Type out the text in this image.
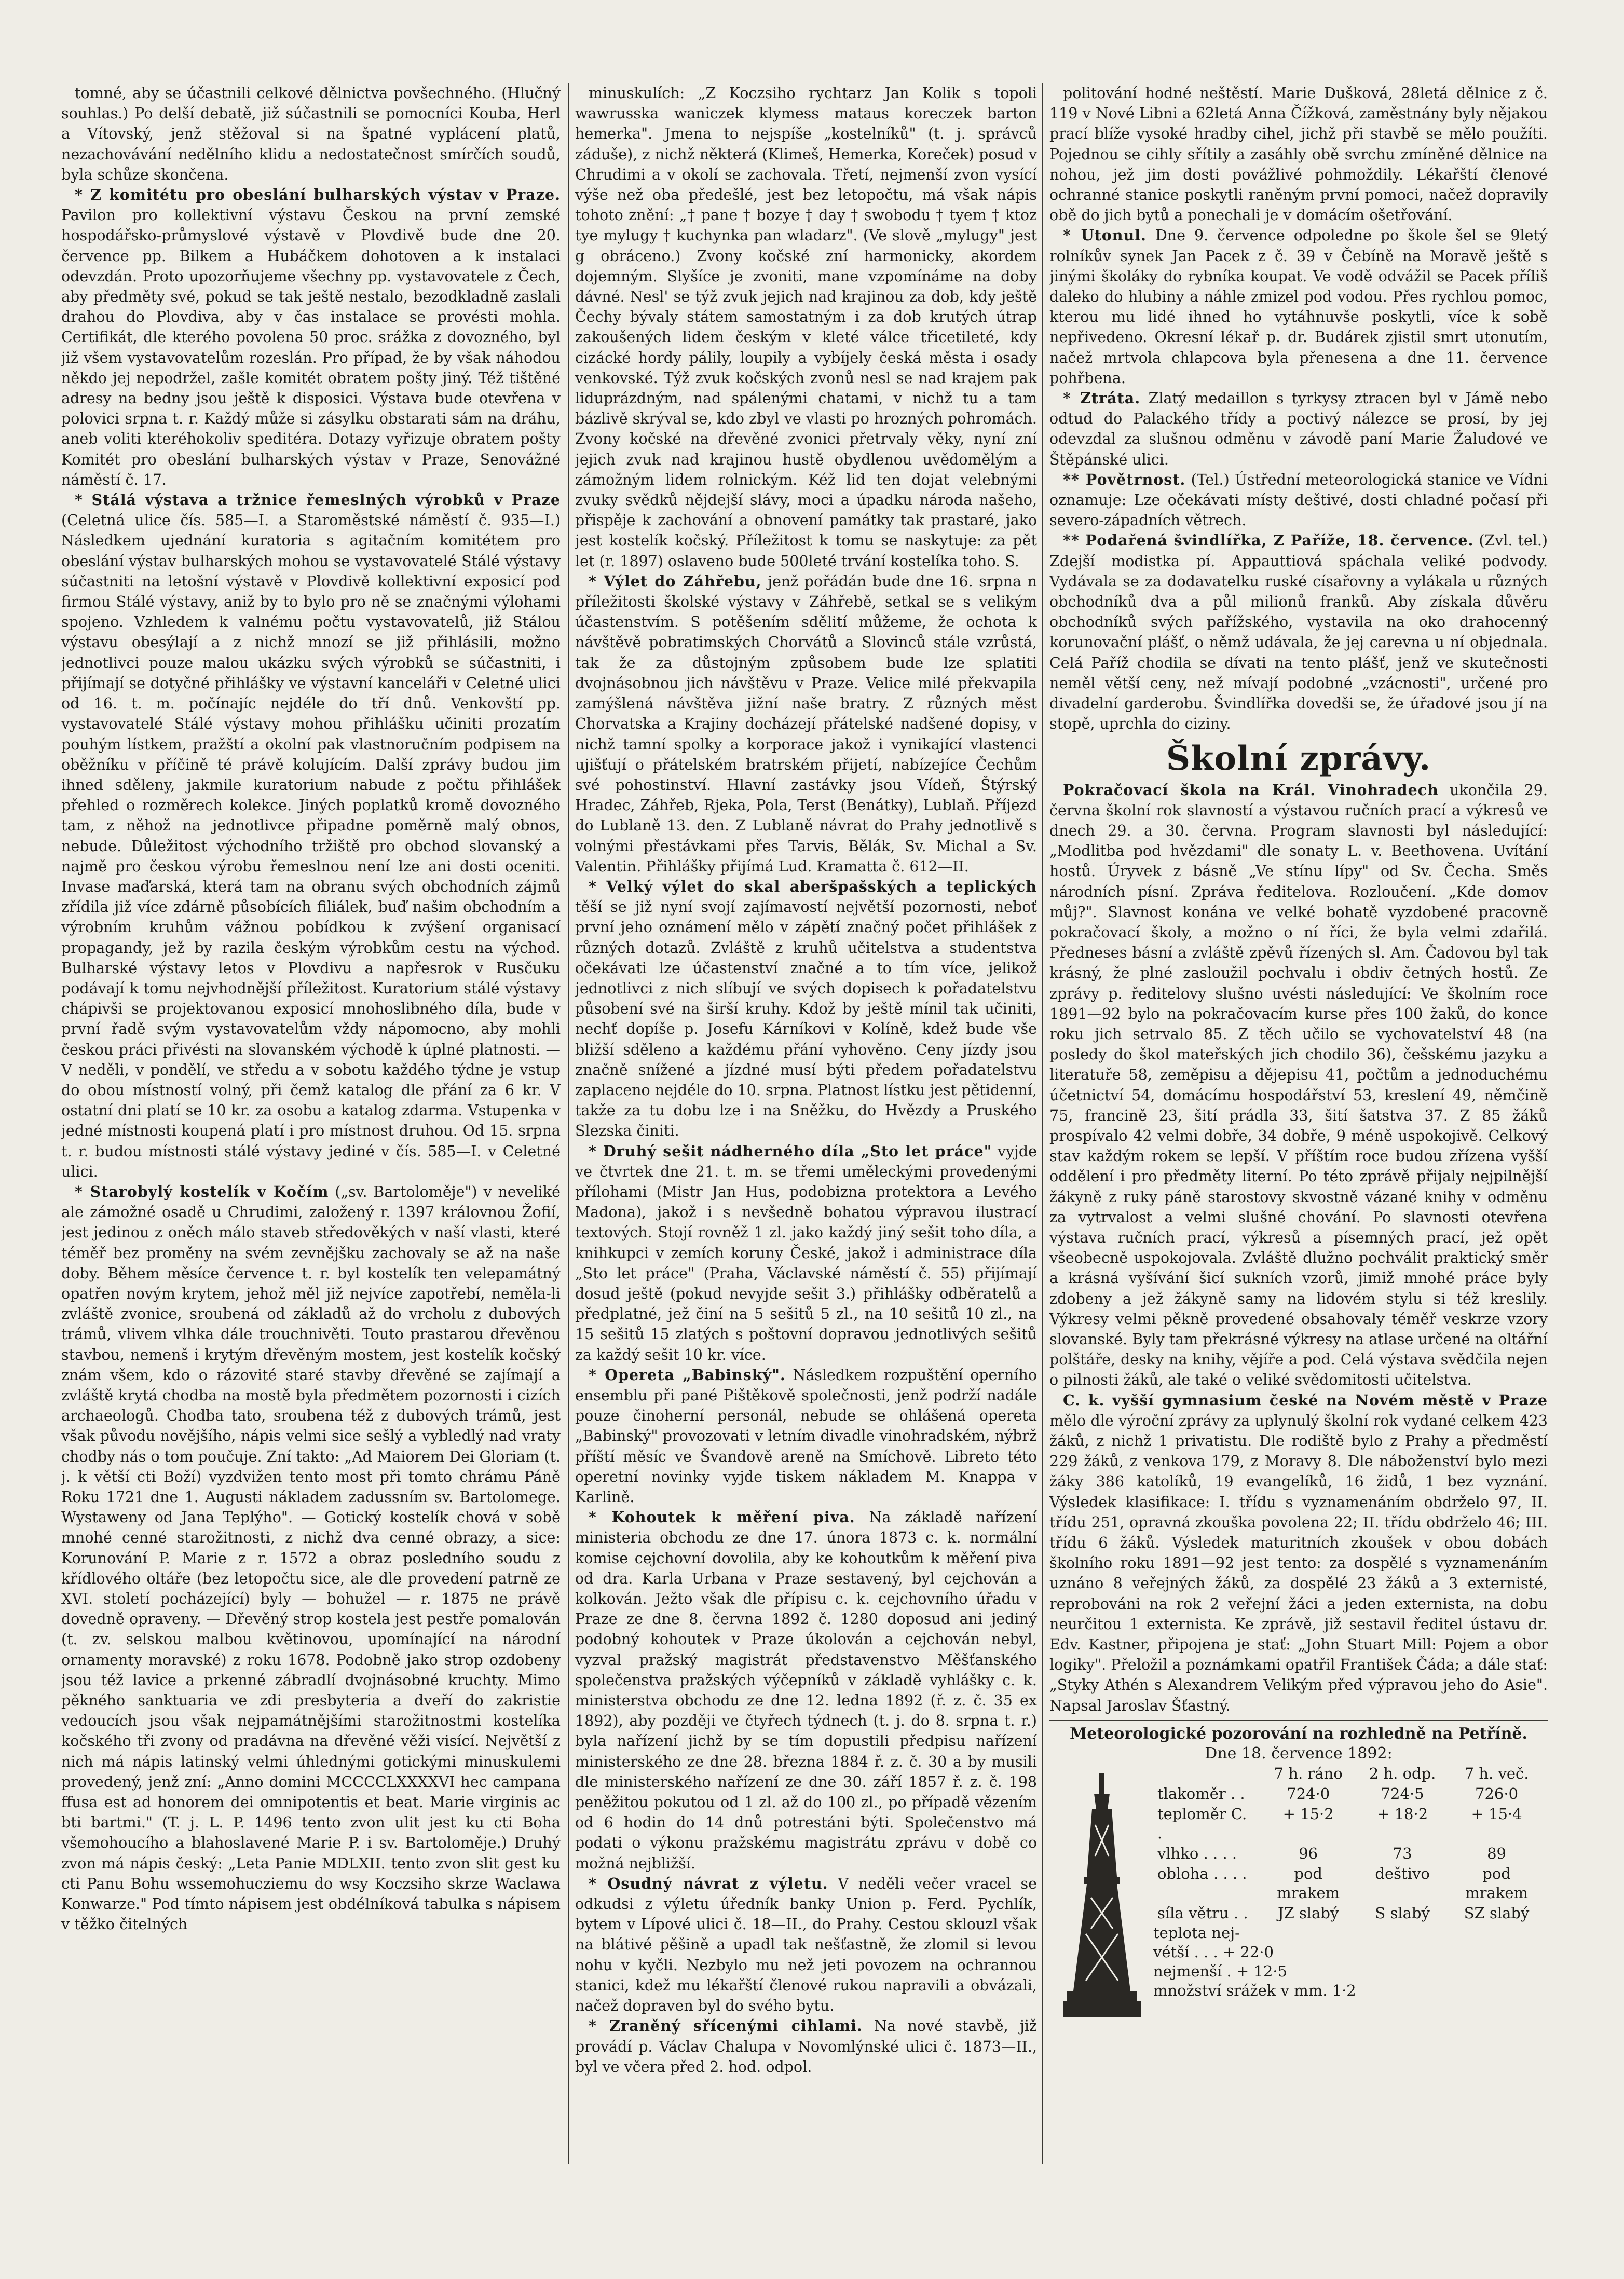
tomné, aby se účastnili celkové dělnictva povšechného. (Hlučný souhlas.) Po delší debatě, již súčastnili se pomocníci Kouba, Herl a Vítovský, jenž stěžoval si na špatné vyplácení platů, nezachovávání nedělního klidu a nedostatečnost smírčích soudů, byla schůze skončena.

* Z komitétu pro obeslání bulharských výstav v Praze. Pavilon pro kollektivní výstavu Českou na první zemské hospodářsko-průmyslové výstavě v Plovdivě bude dne 20. července pp. Bilkem a Hubáčkem dohotoven a k instalaci odevzdán. Proto upozorňujeme všechny pp. vystavovatele z Čech, aby předměty své, pokud se tak ještě nestalo, bezodkladně zaslali drahou do Plovdiva, aby v čas instalace se provésti mohla. Certifikát, dle kterého povolena 50 proc. srážka z dovozného, byl již všem vystavovatelům rozeslán. Pro případ, že by však náhodou někdo jej nepodržel, zašle komitét obratem pošty jiný. Též tištěné adresy na bedny jsou ještě k disposici. Výstava bude otevřena v polovici srpna t. r. Každý může si zásylku obstarati sám na dráhu, aneb voliti kteréhokoliv speditéra. Dotazy vyřizuje obratem pošty Komitét pro obeslání bulharských výstav v Praze, Senovážné náměstí č. 17.

* Stálá výstava a tržnice řemeslných výrobků v Praze (Celetná ulice čís. 585—I. a Staroměstské náměstí č. 935—I.) Následkem ujednání kuratoria s agitačním komitétem pro obeslání výstav bulharských mohou se vystavovatelé Stálé výstavy súčastniti na letošní výstavě v Plovdivě kollektivní exposicí pod firmou Stálé výstavy, aniž by to bylo pro ně se značnými výlohami spojeno. Vzhledem k valnému počtu vystavovatelů, již Stálou výstavu obesýlají a z nichž mnozí se již přihlásili, možno jednotlivci pouze malou ukázku svých výrobků se súčastniti, i přijímají se dotyčné přihlášky ve výstavní kanceláři v Celetné ulici od 16. t. m. počínajíc nejdéle do tří dnů. Venkovští pp. vystavovatelé Stálé výstavy mohou přihlášku učiniti prozatím pouhým lístkem, pražští a okolní pak vlastnoručním podpisem na oběžníku v příčině té právě kolujícím. Další zprávy budou jim ihned sděleny, jakmile kuratorium nabude z počtu přihlášek přehled o rozměrech kolekce. Jiných poplatků kromě dovozného tam, z něhož na jednotlivce připadne poměrně malý obnos, nebude. Důležitost východního tržiště pro obchod slovanský a najmě pro českou výrobu řemeslnou není lze ani dosti oceniti. Invase maďarská, která tam na obranu svých obchodních zájmů zřídila již více zdárně působících filiálek, buď našim obchodním a výrobním kruhům vážnou pobídkou k zvýšení organisací propagandy, jež by razila českým výrobkům cestu na východ. Bulharské výstavy letos v Plovdivu a napřesrok v Rusčuku podávají k tomu nejvhodnější příležitost. Kuratorium stálé výstavy chápivši se projektovanou exposicí mnohoslibného díla, bude v první řadě svým vystavovatelům vždy nápomocno, aby mohli českou práci přivésti na slovanském východě k úplné platnosti. — V neděli, v pondělí, ve středu a v sobotu každého týdne je vstup do obou místností volný, při čemž katalog dle přání za 6 kr. V ostatní dni platí se 10 kr. za osobu a katalog zdarma. Vstupenka v jedné místnosti koupená platí i pro místnost druhou. Od 15. srpna t. r. budou místnosti stálé výstavy jediné v čís. 585—I. v Celetné ulici.

* Starobylý kostelík v Kočím („sv. Bartoloměje") v neveliké ale zámožné osadě u Chrudimi, založený r. 1397 královnou Žofií, jest jedinou z oněch málo staveb středověkých v naší vlasti, které téměř bez proměny na svém zevnějšku zachovaly se až na naše doby. Během měsíce července t. r. byl kostelík ten velepamátný opatřen novým krytem, jehož měl již nejvíce zapotřebí, neměla-li zvláště zvonice, sroubená od základů až do vrcholu z dubových trámů, vlivem vlhka dále trouchnivěti. Touto prastarou dřevěnou stavbou, nemenš i krytým dřevěným mostem, jest kostelík kočský znám všem, kdo o rázovité staré stavby dřevěné se zajímají a zvláště krytá chodba na mostě byla předmětem pozornosti i cizích archaeologů. Chodba tato, sroubena též z dubových trámů, jest však původu novějšího, nápis velmi sice sešlý a vybledlý nad vraty chodby nás o tom poučuje. Zní takto: „Ad Maiorem Dei Gloriam (t. j. k větší cti Boží) vyzdvižen tento most při tomto chrámu Páně Roku 1721 dne 1. Augusti nákladem zadussním sv. Bartolomege. Wystaweny od Jana Teplýho". — Gotický kostelík chová v sobě mnohé cenné starožitnosti, z nichž dva cenné obrazy, a sice: Korunování P. Marie z r. 1572 a obraz posledního soudu z křídlového oltáře (bez letopočtu sice, ale dle provedení patrně ze XVI. století pocházející) byly — bohužel — r. 1875 ne právě dovedně opraveny. — Dřevěný strop kostela jest pestře pomalován (t. zv. selskou malbou květinovou, upomínající na národní ornamenty moravské) z roku 1678. Podobně jako strop ozdobeny jsou též lavice a prkenné zábradlí dvojnásobné kruchty. Mimo pěkného sanktuaria ve zdi presbyteria a dveří do zakristie vedoucích jsou však nejpamátnějšími starožitnostmi kostelíka kočského tři zvony od pradávna na dřevěné věži visící. Největší z nich má nápis latinský velmi úhlednými gotickými minuskulemi provedený, jenž zní: „Anno domini MCCCCLXXXXVI hec campana ffusa est ad honorem dei omnipotentis et beat. Marie virginis ac bti bartmi." (T. j. L. P. 1496 tento zvon ulit jest ku cti Boha všemohoucího a blahoslavené Marie P. i sv. Bartoloměje.) Druhý zvon má nápis český: „Leta Panie MDLXII. tento zvon slit gest ku cti Panu Bohu wssemohucziemu do wsy Koczsiho skrze Waclawa Konwarze." Pod tímto nápisem jest obdélníková tabulka s nápisem v těžko čitelných

minuskulích: „Z Koczsiho rychtarz Jan Kolik s topoli wawrusska waniczek klymess mataus koreczek barton hemerka". Jmena to nejspíše „kostelníků" (t. j. správců záduše), z nichž některá (Klimeš, Hemerka, Koreček) posud v Chrudimi a v okolí se zachovala. Třetí, nejmenší zvon vysící výše než oba předešlé, jest bez letopočtu, má však nápis tohoto znění: „† pane † bozye † day † swobodu † tyem † ktoz tye mylugy † kuchynka pan wladarz". (Ve slově „mylugy" jest g obráceno.) Zvony kočské zní harmonicky, akordem dojemným. Slyšíce je zvoniti, mane vzpomínáme na doby dávné. Nesl' se týž zvuk jejich nad krajinou za dob, kdy ještě Čechy bývaly státem samostatným i za dob krutých útrap zakoušených lidem českým v kleté válce třicetileté, kdy cizácké hordy pálily, loupily a vybíjely česká města i osady venkovské. Týž zvuk kočských zvonů nesl se nad krajem pak liduprázdným, nad spálenými chatami, v nichž tu a tam bázlivě skrýval se, kdo zbyl ve vlasti po hrozných pohromách. Zvony kočské na dřevěné zvonici přetrvaly věky, nyní zní jejich zvuk nad krajinou hustě obydlenou uvědomělým a zámožným lidem rolnickým. Kéž lid ten dojat velebnými zvuky svědků nějdejší slávy, moci a úpadku národa našeho, přispěje k zachování a obnovení památky tak prastaré, jako jest kostelík kočský. Příležitost k tomu se naskytuje: za pět let (r. 1897) oslaveno bude 500leté trvání kostelíka toho. S.

* Výlet do Záhřebu, jenž pořádán bude dne 16. srpna n příležitosti školské výstavy v Záhřebě, setkal se s velikým účastenstvím. S potěšením sdělití můžeme, že ochota k návštěvě pobratimských Chorvátů a Slovinců stále vzrůstá, tak že za důstojným způsobem bude lze splatiti dvojnásobnou jich návštěvu v Praze. Velice milé překvapila zamýšlená návštěva jižní naše bratry. Z různých měst Chorvatska a Krajiny docházejí přátelské nadšené dopisy, v nichž tamní spolky a korporace jakož i vynikající vlastenci ujišťují o přátelském bratrském přijetí, nabízejíce Čechům své pohostinství. Hlavní zastávky jsou Vídeň, Štýrský Hradec, Záhřeb, Rjeka, Pola, Terst (Benátky), Lublaň. Příjezd do Lublaně 13. den. Z Lublaně návrat do Prahy jednotlivě s volnými přestávkami přes Tarvis, Bělák, Sv. Michal a Sv. Valentin. Přihlášky přijímá Lud. Kramatta č. 612—II.

* Velký výlet do skal aberšpašských a teplických těší se již nyní svojí zajímavostí největší pozornosti, neboť první jeho oznámení mělo v zápětí značný počet přihlášek z různých dotazů. Zvláště z kruhů učitelstva a studentstva očekávati lze účastenství značné a to tím více, jelikož jednotlivci z nich slíbují ve svých dopisech k pořadatelstvu působení své na širší kruhy. Kdož by ještě mínil tak učiniti, nechť dopíše p. Josefu Kárníkovi v Kolíně, kdež bude vše bližší sděleno a každému přání vyhověno. Ceny jízdy jsou značně snížené a jízdné musí býti předem pořadatelstvu zaplaceno nejdéle do 10. srpna. Platnost lístku jest pětidenní, takže za tu dobu lze i na Sněžku, do Hvězdy a Pruského Slezska činiti.

* Druhý sešit nádherného díla „Sto let práce" vyjde ve čtvrtek dne 21. t. m. se třemi uměleckými provedenými přílohami (Mistr Jan Hus, podobizna protektora a Levého Madona), jakož i s nevšedně bohatou výpravou ilustrací textových. Stojí rovněž 1 zl. jako každý jiný sešit toho díla, a knihkupci v zemích koruny České, jakož i administrace díla „Sto let práce" (Praha, Václavské náměstí č. 55) přijímají dosud ještě (pokud nevyjde sešit 3.) přihlášky odběratelů a předplatné, jež činí na 5 sešitů 5 zl., na 10 sešitů 10 zl., na 15 sešitů 15 zlatých s poštovní dopravou jednotlivých sešitů za každý sešit 10 kr. více.

* Opereta „Babinský". Následkem rozpuštění operního ensemblu při pané Pištěkově společnosti, jenž podrží nadále pouze činoherní personál, nebude se ohlášená opereta „Babinský" provozovati v letním divadle vinohradském, nýbrž příští měsíc ve Švandově areně na Smíchově. Libreto této operetní novinky vyjde tiskem nákladem M. Knappa v Karlině.

* Kohoutek k měření piva. Na základě nařízení ministeria obchodu ze dne 17. února 1873 c. k. normální komise cejchovní dovolila, aby ke kohoutkům k měření piva od dra. Karla Urbana v Praze sestavený, byl cejchován a kolkován. Ježto však dle přípisu c. k. cejchovního úřadu v Praze ze dne 8. června 1892 č. 1280 doposud ani jediný podobný kohoutek v Praze úkolován a cejchován nebyl, vyzval pražský magistrát představenstvo Měšťanského společenstva pražských výčepníků v základě vyhlášky c. k. ministerstva obchodu ze dne 12. ledna 1892 (ř. z. č. 35 ex 1892), aby později ve čtyřech týdnech (t. j. do 8. srpna t. r.) byla nařízení jichž by se tím dopustili předpisu nařízení ministerského ze dne 28. března 1884 ř. z. č. 30 a by musili dle ministerského nařízení ze dne 30. září 1857 ř. z. č. 198 peněžitou pokutou od 1 zl. až do 100 zl., po případě vězením od 6 hodin do 14 dnů potrestáni býti. Společenstvo má podati o výkonu pražskému magistrátu zprávu v době co možná nejbližší.

* Osudný návrat z výletu. V neděli večer vracel se odkudsi z výletu úředník banky Union p. Ferd. Pychlík, bytem v Lípové ulici č. 18—II., do Prahy. Cestou sklouzl však na blátivé pěšině a upadl tak nešťastně, že zlomil si levou nohu v kyčli. Nezbylo mu než jeti povozem na ochrannou stanici, kdež mu lékařští členové rukou napravili a obvázali, načež dopraven byl do svého bytu.

* Zraněný sřícenými cihlami. Na nové stavbě, již provádí p. Václav Chalupa v Novomlýnské ulici č. 1873—II., byl ve včera před 2. hod. odpol.

politování hodné neštěstí. Marie Dušková, 28letá dělnice z č. 119 v Nové Libni a 62letá Anna Čížková, zaměstnány byly nějakou prací blíže vysoké hradby cihel, jichž při stavbě se mělo použíti. Pojednou se cihly sřítily a zasáhly obě svrchu zmíněné dělnice na nohou, jež jim dosti povážlivé pohmoždily. Lékařští členové ochranné stanice poskytli raněným první pomoci, načež dopravily obě do jich bytů a ponechali je v domácím ošetřování.

* Utonul. Dne 9. července odpoledne po škole šel se 9letý rolníkův synek Jan Pacek z č. 39 v Čebíně na Moravě ještě s jinými školáky do rybníka koupat. Ve vodě odvážil se Pacek příliš daleko do hlubiny a náhle zmizel pod vodou. Přes rychlou pomoc, kterou mu lidé ihned ho vytáhnuvše poskytli, více k sobě nepřivedeno. Okresní lékař p. dr. Budárek zjistil smrt utonutím, načež mrtvola chlapcova byla přenesena a dne 11. července pohřbena.

* Ztráta. Zlatý medaillon s tyrkysy ztracen byl v Jámě nebo odtud do Palackého třídy a poctivý nálezce se prosí, by jej odevzdal za slušnou odměnu v závodě paní Marie Žaludové ve Štěpánské ulici.

** Povětrnost. (Tel.) Ústřední meteorologická stanice ve Vídni oznamuje: Lze očekávati místy deštivé, dosti chladné počasí při severo-západních větrech.

** Podařená švindlířka, Z Paříže, 18. července. (Zvl. tel.) Zdejší modistka pí. Appauttiová spáchala veliké podvody. Vydávala se za dodavatelku ruské císařovny a vylákala u různých obchodníků dva a půl milionů franků. Aby získala důvěru obchodníků svých pařížského, vystavila na oko drahocenný korunovační plášť, o němž udávala, že jej carevna u ní objednala. Celá Paříž chodila se dívati na tento plášť, jenž ve skutečnosti neměl větší ceny, než mívají podobné „vzácnosti", určené pro divadelní garderobu. Švindlířka dovedši se, že úřadové jsou jí na stopě, uprchla do ciziny.

Školní zprávy.

Pokračovací škola na Král. Vinohradech ukončila 29. června školní rok slavností a výstavou ručních prací a výkresů ve dnech 29. a 30. června. Program slavnosti byl následující: „Modlitba pod hvězdami" dle sonaty L. v. Beethovena. Uvítání hostů. Úryvek z básně „Ve stínu lípy" od Sv. Čecha. Směs národních písní. Zpráva ředitelova. Rozloučení. „Kde domov můj?". Slavnost konána ve velké bohatě vyzdobené pracovně pokračovací školy, a možno o ní říci, že byla velmi zdařilá. Předneses básní a zvláště zpěvů řízených sl. Am. Čadovou byl tak krásný, že plné zasloužil pochvalu i obdiv četných hostů. Ze zprávy p. ředitelovy slušno uvésti následující: Ve školním roce 1891—92 bylo na pokračovacím kurse přes 100 žaků, do konce roku jich setrvalo 85. Z těch učilo se vychovatelství 48 (na posledy do škol mateřských jich chodilo 36), češskému jazyku a literatuře 58, zeměpisu a dějepisu 41, počtům a jednoduchému účetnictví 54, domácímu hospodářství 53, kreslení 49, němčině 75, francině 23, šití prádla 33, šití šatstva 37. Z 85 žáků prospívalo 42 velmi dobře, 34 dobře, 9 méně uspokojivě. Celkový stav každým rokem se lepší. V příštím roce budou zřízena vyšší oddělení i pro předměty literní. Po této zprávě přijaly nejpilnější žákyně z ruky páně starostovy skvostně vázané knihy v odměnu za vytrvalost a velmi slušné chování. Po slavnosti otevřena výstava ručních prací, výkresů a písemných prací, jež opět všeobecně uspokojovala. Zvláště dlužno pochválit praktický směr a krásná vyšívání šicí sukních vzorů, jimiž mnohé práce byly zdobeny a jež žákyně samy na lidovém stylu si též kreslily. Výkresy velmi pěkně provedené obsahovaly téměř veskrze vzory slovanské. Byly tam překrásné výkresy na atlase určené na oltářní polštáře, desky na knihy, vějíře a pod. Celá výstava svědčila nejen o pilnosti žáků, ale také o veliké svědomitosti učitelstva.

C. k. vyšší gymnasium české na Novém městě v Praze mělo dle výroční zprávy za uplynulý školní rok vydané celkem 423 žáků, z nichž 1 privatistu. Dle rodiště bylo z Prahy a předměstí 229 žáků, z venkova 179, z Moravy 8. Dle náboženství bylo mezi žáky 386 katolíků, 19 evangelíků, 16 židů, 1 bez vyznání. Výsledek klasifikace: I. třídu s vyznamenáním obdrželo 97, II. třídu 251, opravná zkouška povolena 22; II. třídu obdrželo 46; III. třídu 6 žáků. Výsledek maturitních zkoušek v obou dobách školního roku 1891—92 jest tento: za dospělé s vyznamenáním uznáno 8 veřejných žáků, za dospělé 23 žáků a 3 externisté, reprobováni na rok 2 veřejní žáci a jeden externista, na dobu neurčitou 1 externista. Ke zprávě, již sestavil ředitel ústavu dr. Edv. Kastner, připojena je stať: „John Stuart Mill: Pojem a obor logiky". Přeložil a poznámkami opatřil František Čáda; a dále stať: „Styky Athén s Alexandrem Velikým před výpravou jeho do Asie". Napsal Jaroslav Šťastný.

Meteorologické pozorování na rozhledně na Petříně.
Dne 18. července 1892:
	7 h. ráno	2 h. odp.	7 h. več.
tlakoměr . .	724·0	724·5	726·0
teploměr C. .	+ 15·2	+ 18·2	+ 15·4
vlhko . . . .	96	73	89
obloha . . . .	pod mrakem	deštivo	pod mrakem
síla větru . .	JZ slabý	S slabý	SZ slabý
teplota nej-
vétší . . . + 22·0
nejmenší . + 12·5
množství srážek v mm. 1·2
